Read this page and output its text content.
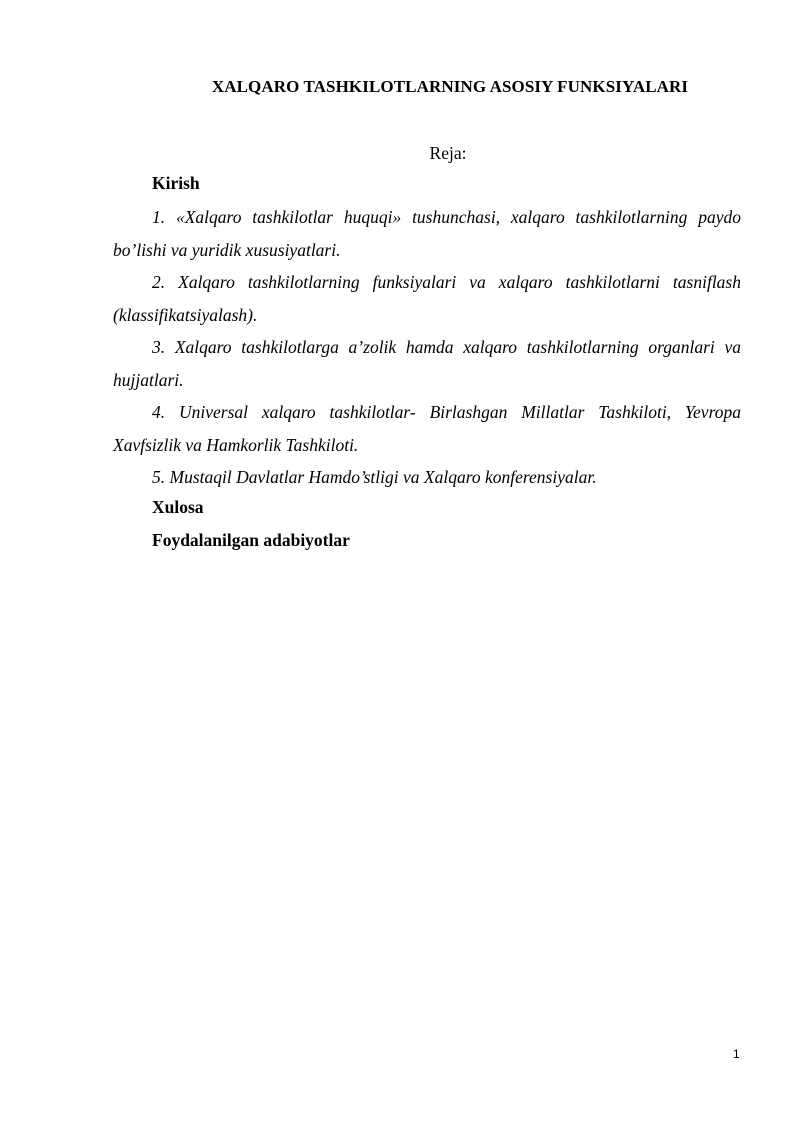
XALQARO TASHKILOTLARNING ASOSIY FUNKSIYALARI
Reja:
Kirish
1. «Xalqaro tashkilotlar huquqi» tushunchasi, xalqaro tashkilotlarning paydo bo’lishi va yuridik xususiyatlari.
2. Xalqaro tashkilotlarning funksiyalari va xalqaro tashkilotlarni tasniflash (klassifikatsiyalash).
3. Xalqaro tashkilotlarga a’zolik hamda xalqaro tashkilotlarning organlari va hujjatlari.
4. Universal xalqaro tashkilotlar- Birlashgan Millatlar Tashkiloti, Yevropa Xavfsizlik va Hamkorlik Tashkiloti.
5. Mustaqil Davlatlar Hamdo’stligi va Xalqaro konferensiyalar.
Xulosa
Foydalanilgan adabiyotlar
1
